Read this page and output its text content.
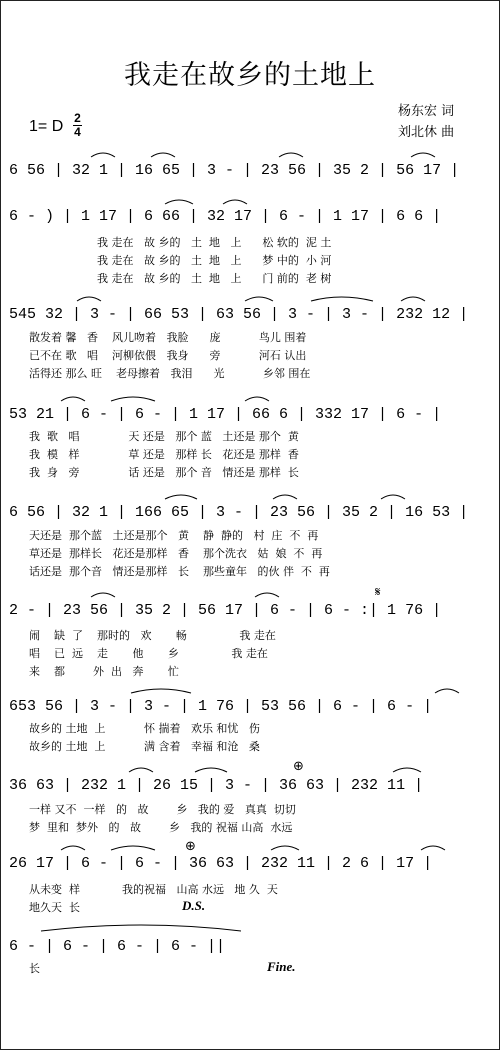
我走在故乡的土地上
1= D 2
4
杨东宏 词
刘北休 曲
6 56 | 32 1 | 16 65 | 3 - | 23 56 | 35 2 | 56 17 |
6 - ) | 1 17 | 6 66 | 32 17 | 6 - | 1 17 | 6 6 |
我 走在   故 乡的   土  地   上      松 软的  泥 土
我 走在   故 乡的   土  地   上      梦 中的  小 河
我 走在   故 乡的   土  地   上      门 前的  老 树
545 32 | 3 - | 66 53 | 63 56 | 3 - | 3 - | 232 12 |
散发着 馨   香    风儿吻着   我脸      庞           鸟儿 围着
已不在 歌   唱    河柳依偎   我身      旁           河石 认出
活得还 那么 旺    老母擦着   我泪      光           乡邻 围在
53 21 | 6 - | 6 - | 1 17 | 66 6 | 332 17 | 6 - |
我  歌   唱              天 还是   那个 蓝   土还是 那个  黄
我  模   样              草 还是   那样 长   花还是 那样  香
我  身   旁              话 还是   那个 音   情还是 那样  长
6 56 | 32 1 | 166 65 | 3 - | 23 56 | 35 2 | 16 53 |
天还是  那个蓝   土还是那个   黄    静  静的   村  庄  不  再
草还是  那样长   花还是那样   香    那个洗衣   姑  娘  不  再
话还是  那个音   情还是那样   长    那些童年   的伙 伴  不  再
2 - | 23 56 | 35 2 | 56 17 | 6 - | 6 - :| 1 76 |
闹    缺  了    那时的   欢       畅               我 走在
唱    已  远    走       他       乡               我 走在
来    都        外  出   奔       忙
653 56 | 3 - | 3 - | 1 76 | 53 56 | 6 - | 6 - |
故乡的 土地  上           怀 揣着   欢乐 和忧   伤
故乡的 土地  上           满 含着   幸福 和沧   桑
36 63 | 232 1 | 26 15 | 3 - | 36 63 | 232 11 |
一样 又不  一样   的   故        乡   我的 爱   真真  切切
梦  里和  梦外   的   故        乡   我的 祝福 山高  水远
26 17 | 6 - | 6 - | 36 63 | 232 11 | 2 6 | 17 |
从未变  样            我的祝福   山高 水远   地 久  天
地久天  长
6 - | 6 - | 6 - | 6 - ||
长
D.S.
Fine.
𝄋
⊕
⊕
